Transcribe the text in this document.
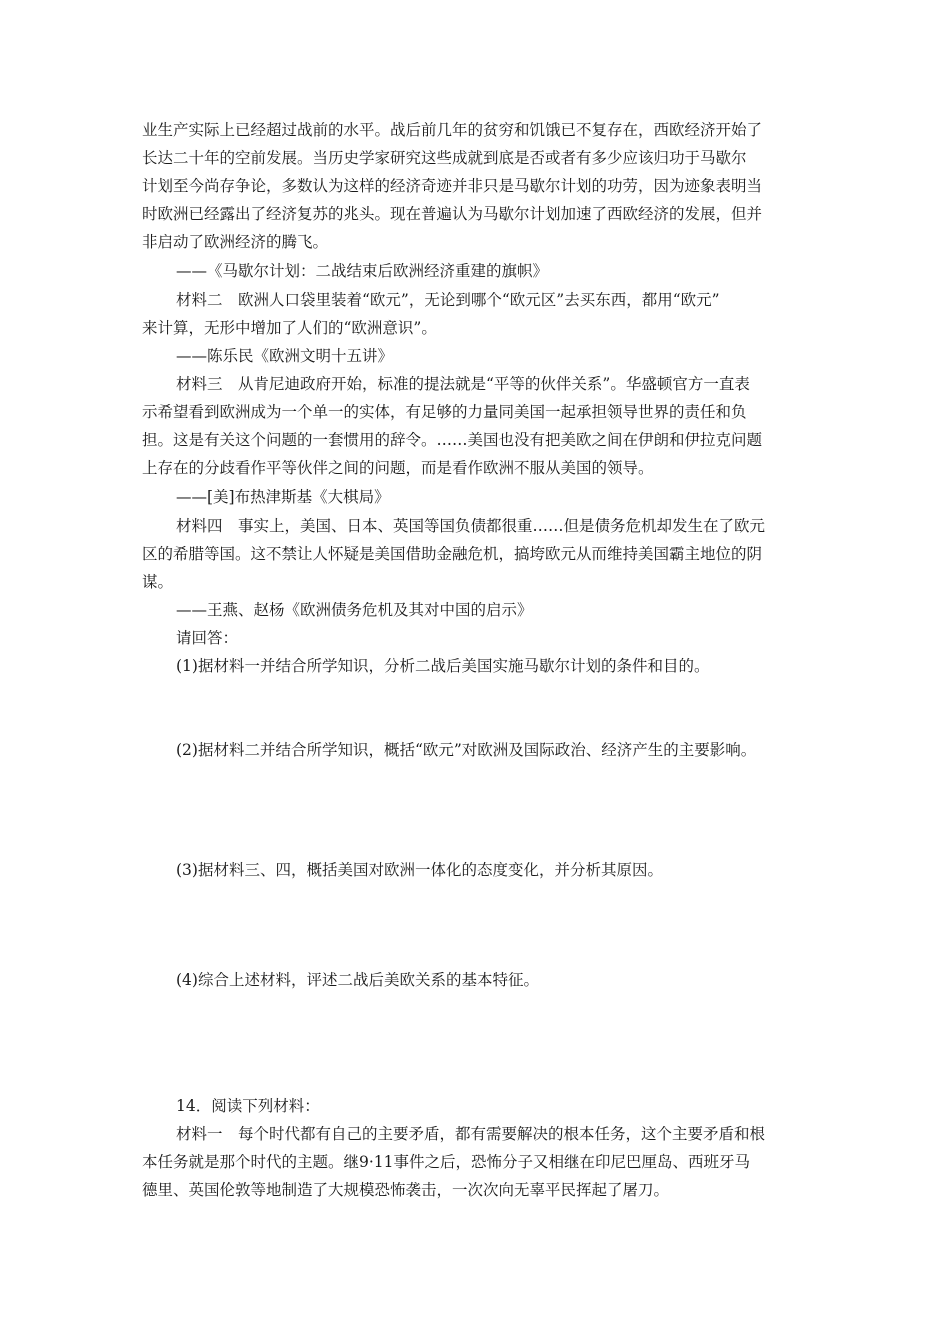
业生产实际上已经超过战前的水平。战后前几年的贫穷和饥饿已不复存在，西欧经济开始了
长达二十年的空前发展。当历史学家研究这些成就到底是否或者有多少应该归功于马歇尔
计划至今尚存争论，多数认为这样的经济奇迹并非只是马歇尔计划的功劳，因为迹象表明当
时欧洲已经露出了经济复苏的兆头。现在普遍认为马歇尔计划加速了西欧经济的发展，但并
非启动了欧洲经济的腾飞。
——《马歇尔计划：二战结束后欧洲经济重建的旗帜》
材料二　欧洲人口袋里装着“欧元”，无论到哪个“欧元区”去买东西，都用“欧元”
来计算，无形中增加了人们的“欧洲意识”。
——陈乐民《欧洲文明十五讲》
材料三　从肯尼迪政府开始，标准的提法就是“平等的伙伴关系”。华盛顿官方一直表
示希望看到欧洲成为一个单一的实体，有足够的力量同美国一起承担领导世界的责任和负
担。这是有关这个问题的一套惯用的辞令。……美国也没有把美欧之间在伊朗和伊拉克问题
上存在的分歧看作平等伙伴之间的问题，而是看作欧洲不服从美国的领导。
——[美]布热津斯基《大棋局》
材料四　事实上，美国、日本、英国等国负债都很重……但是债务危机却发生在了欧元
区的希腊等国。这不禁让人怀疑是美国借助金融危机，搞垮欧元从而维持美国霸主地位的阴
谋。
——王燕、赵杨《欧洲债务危机及其对中国的启示》
请回答：
(1)据材料一并结合所学知识，分析二战后美国实施马歇尔计划的条件和目的。
(2)据材料二并结合所学知识，概括“欧元”对欧洲及国际政治、经济产生的主要影响。
(3)据材料三、四，概括美国对欧洲一体化的态度变化，并分析其原因。
(4)综合上述材料，评述二战后美欧关系的基本特征。
14．阅读下列材料：
材料一　每个时代都有自己的主要矛盾，都有需要解决的根本任务，这个主要矛盾和根
本任务就是那个时代的主题。继9·11事件之后，恐怖分子又相继在印尼巴厘岛、西班牙马
德里、英国伦敦等地制造了大规模恐怖袭击，一次次向无辜平民挥起了屠刀。
